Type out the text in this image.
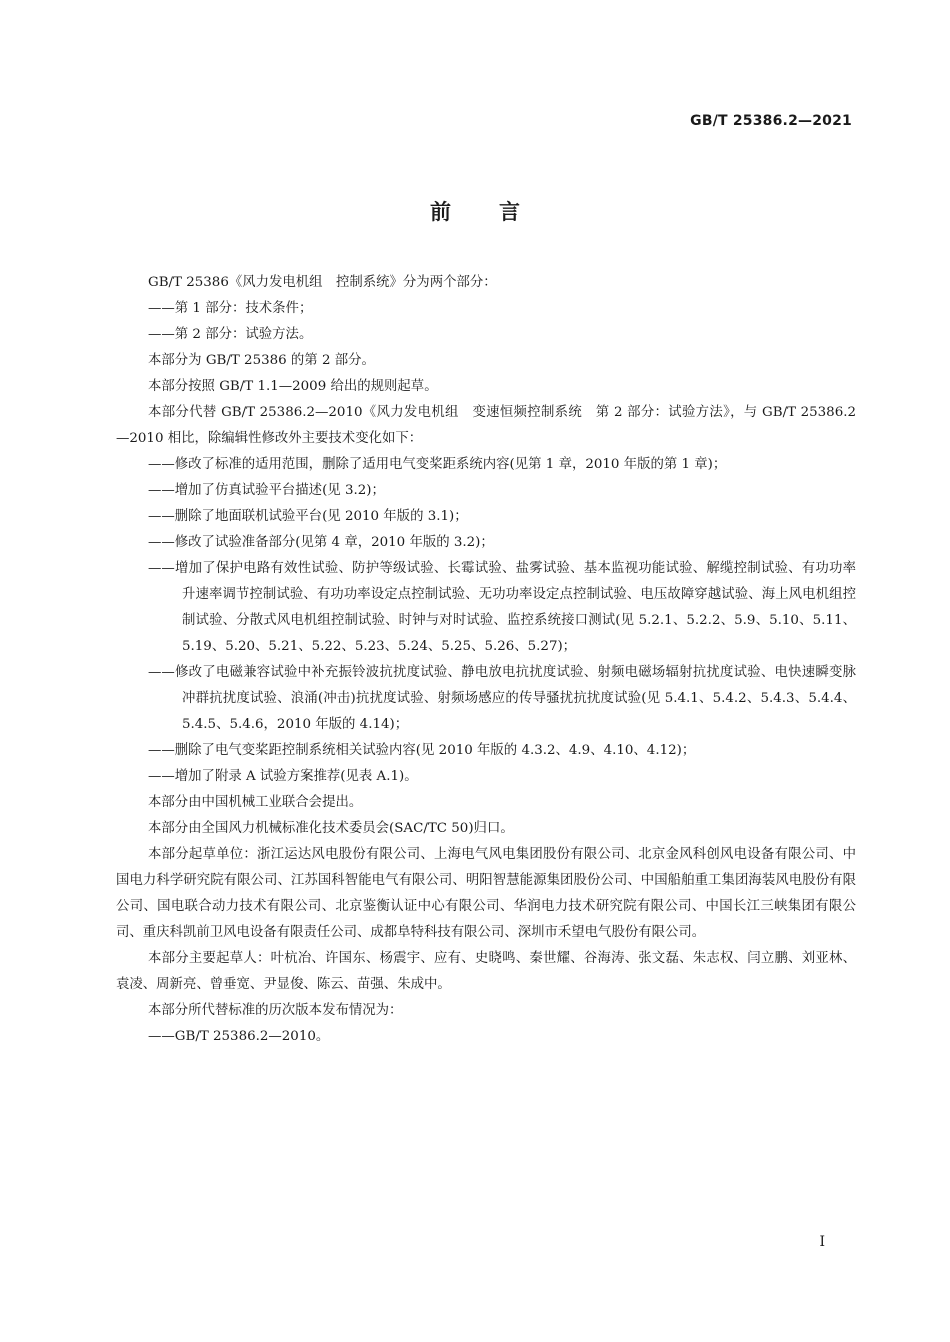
GB/T 25386.2—2021
前言

GB/T 25386《风力发电机组　控制系统》分为两个部分：

——第 1 部分：技术条件；

——第 2 部分：试验方法。

本部分为 GB/T 25386 的第 2 部分。

本部分按照 GB/T 1.1—2009 给出的规则起草。

本部分代替 GB/T 25386.2—2010《风力发电机组　变速恒频控制系统　第 2 部分：试验方法》，与 GB/T 25386.2—2010 相比，除编辑性修改外主要技术变化如下：

——修改了标准的适用范围，删除了适用电气变桨距系统内容(见第 1 章，2010 年版的第 1 章)；

——增加了仿真试验平台描述(见 3.2)；

——删除了地面联机试验平台(见 2010 年版的 3.1)；

——修改了试验准备部分(见第 4 章，2010 年版的 3.2)；

——增加了保护电路有效性试验、防护等级试验、长霉试验、盐雾试验、基本监视功能试验、解缆控制试验、有功功率升速率调节控制试验、有功功率设定点控制试验、无功功率设定点控制试验、电压故障穿越试验、海上风电机组控制试验、分散式风电机组控制试验、时钟与对时试验、监控系统接口测试(见 5.2.1、5.2.2、5.9、5.10、5.11、5.19、5.20、5.21、5.22、5.23、5.24、5.25、5.26、5.27)；

——修改了电磁兼容试验中补充振铃波抗扰度试验、静电放电抗扰度试验、射频电磁场辐射抗扰度试验、电快速瞬变脉冲群抗扰度试验、浪涌(冲击)抗扰度试验、射频场感应的传导骚扰抗扰度试验(见 5.4.1、5.4.2、5.4.3、5.4.4、5.4.5、5.4.6，2010 年版的 4.14)；

——删除了电气变桨距控制系统相关试验内容(见 2010 年版的 4.3.2、4.9、4.10、4.12)；

——增加了附录 A 试验方案推荐(见表 A.1)。

本部分由中国机械工业联合会提出。

本部分由全国风力机械标准化技术委员会(SAC/TC 50)归口。

本部分起草单位：浙江运达风电股份有限公司、上海电气风电集团股份有限公司、北京金风科创风电设备有限公司、中国电力科学研究院有限公司、江苏国科智能电气有限公司、明阳智慧能源集团股份公司、中国船舶重工集团海装风电股份有限公司、国电联合动力技术有限公司、北京鉴衡认证中心有限公司、华润电力技术研究院有限公司、中国长江三峡集团有限公司、重庆科凯前卫风电设备有限责任公司、成都阜特科技有限公司、深圳市禾望电气股份有限公司。

本部分主要起草人：叶杭冶、许国东、杨震宇、应有、史晓鸣、秦世耀、谷海涛、张文磊、朱志权、闫立鹏、刘亚林、袁凌、周新亮、曾垂宽、尹显俊、陈云、苗强、朱成中。

本部分所代替标准的历次版本发布情况为：

——GB/T 25386.2—2010。

I
